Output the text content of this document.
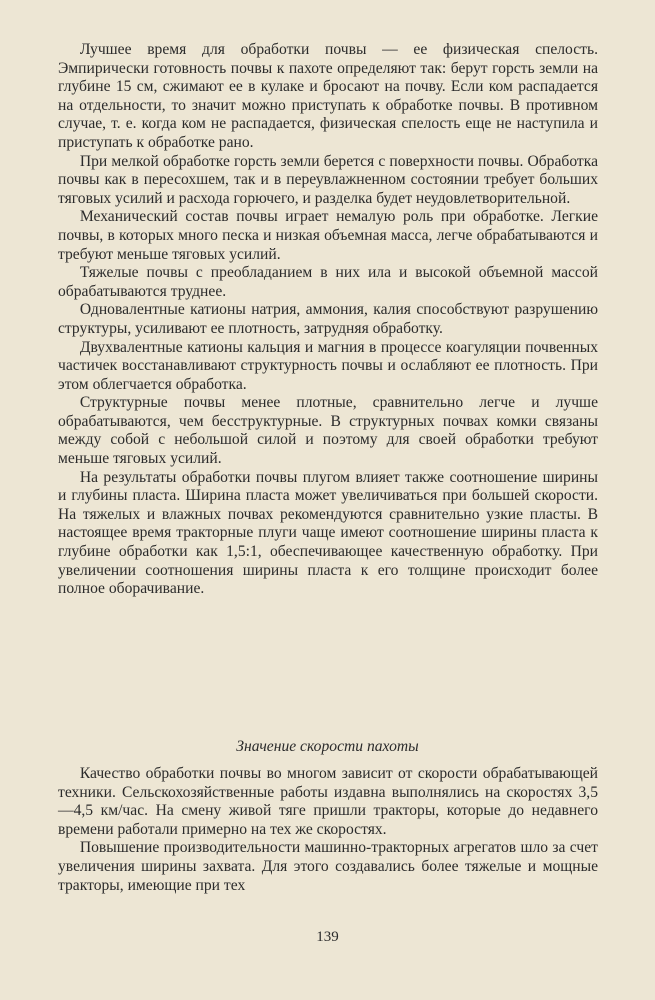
Лучшее время для обработки почвы — ее физическая спелость. Эмпирически готовность почвы к пахоте определяют так: берут горсть земли на глубине 15 см, сжимают ее в кулаке и бросают на почву. Если ком распадается на отдельности, то значит можно приступать к обработке почвы. В противном случае, т. е. когда ком не распадается, физическая спелость еще не наступила и приступать к обработке рано.

При мелкой обработке горсть земли берется с поверхности почвы. Обработка почвы как в пересохшем, так и в переувлажненном состоянии требует больших тяговых усилий и расхода горючего, и разделка будет неудовлетворительной.

Механический состав почвы играет немалую роль при обработке. Легкие почвы, в которых много песка и низкая объемная масса, легче обрабатываются и требуют меньше тяговых усилий.

Тяжелые почвы с преобладанием в них ила и высокой объемной массой обрабатываются труднее.

Одновалентные катионы натрия, аммония, калия способствуют разрушению структуры, усиливают ее плотность, затрудняя обработку.

Двухвалентные катионы кальция и магния в процессе коагуляции почвенных частичек восстанавливают структурность почвы и ослабляют ее плотность. При этом облегчается обработка.

Структурные почвы менее плотные, сравнительно легче и лучше обрабатываются, чем бесструктурные. В структурных почвах комки связаны между собой с небольшой силой и поэтому для своей обработки требуют меньше тяговых усилий.

На результаты обработки почвы плугом влияет также соотношение ширины и глубины пласта. Ширина пласта может увеличиваться при большей скорости. На тяжелых и влажных почвах рекомендуются сравнительно узкие пласты. В настоящее время тракторные плуги чаще имеют соотношение ширины пласта к глубине обработки как 1,5:1, обеспечивающее качественную обработку. При увеличении соотношения ширины пласта к его толщине происходит более полное оборачивание.

Значение скорости пахоты

Качество обработки почвы во многом зависит от скорости обрабатывающей техники. Сельскохозяйственные работы издавна выполнялись на скоростях 3,5—4,5 км/час. На смену живой тяге пришли тракторы, которые до недавнего времени работали примерно на тех же скоростях.

Повышение производительности машинно-тракторных агрегатов шло за счет увеличения ширины захвата. Для этого создавались более тяжелые и мощные тракторы, имеющие при тех

139
